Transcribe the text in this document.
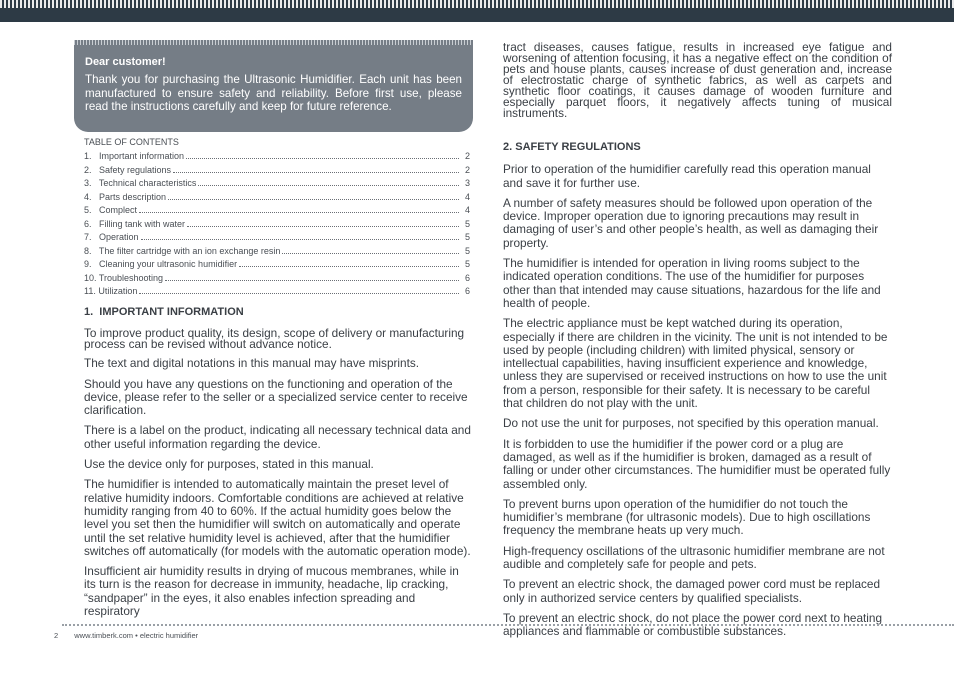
Dear customer!

Thank you for purchasing the Ultrasonic Humidifier. Each unit has been manufactured to ensure safety and reliability. Before first use, please read the instructions carefully and keep for future reference.

TABLE OF CONTENTS
1.   Important information	2
2.   Safety regulations	2
3.   Technical characteristics	3
4.   Parts description	4
5.   Complect	4
6.   Filling tank with water	5
7.   Operation	5
8.   The filter cartridge with an ion exchange resin	5
9.   Cleaning your ultrasonic humidifier	5
10. Troubleshooting	6
11. Utilization	6
1.  IMPORTANT INFORMATION

To improve product quality, its design, scope of delivery or manufacturing process can be revised without advance notice.

The text and digital notations in this manual may have misprints.

Should you have any questions on the functioning and operation of the device, please refer to the seller or a specialized service center to receive clarification.

There is a label on the product, indicating all necessary technical data and other useful information regarding the device.

Use the device only for purposes, stated in this manual.

The humidifier is intended to automatically maintain the preset level of relative humidity indoors. Comfortable conditions are achieved at relative humidity ranging from 40 to 60%. If the actual humidity goes below the level you set then the humidifier will switch on automatically and operate until the set relative humidity level is achieved, after that the humidifier switches off automatically (for models with the automatic operation mode).

Insufficient air humidity results in drying of mucous membranes, while in its turn is the reason for decrease in immunity, headache, lip cracking, “sandpaper” in the eyes, it also enables infection spreading and respiratory

tract diseases, causes fatigue, results in increased eye fatigue and worsening of attention focusing, it has a negative effect on the condition of pets and house plants, causes increase of dust generation and, increase of electrostatic charge of synthetic fabrics, as well as carpets and synthetic floor coatings, it causes damage of wooden furniture and especially parquet floors, it negatively affects tuning of musical instruments.

2. SAFETY REGULATIONS

Prior to operation of the humidifier carefully read this operation manual and save it for further use.

A number of safety measures should be followed upon operation of the device. Improper operation due to ignoring precautions may result in damaging of user’s and other people’s health, as well as damaging their property.

The humidifier is intended for operation in living rooms subject to the indicated operation conditions. The use of the humidifier for purposes other than that intended may cause situations, hazardous for the life and health of people.

The electric appliance must be kept watched during its operation, especially if there are children in the vicinity. The unit is not intended to be used by people (including children) with limited physical, sensory or intellectual capabilities, having insufficient experience and knowledge, unless they are supervised or received instructions on how to use the unit from a person, responsible for their safety. It is necessary to be careful that children do not play with the unit.

Do not use the unit for purposes, not specified by this operation manual.

It is forbidden to use the humidifier if the power cord or a plug are damaged, as well as if the humidifier is broken, damaged as a result of falling or under other circumstances. The humidifier must be operated fully assembled only.

To prevent burns upon operation of the humidifier do not touch the humidifier’s membrane (for ultrasonic models). Due to high oscillations frequency the membrane heats up very much.

High-frequency oscillations of the ultrasonic humidifier membrane are not audible and completely safe for people and pets.

To prevent an electric shock, the damaged power cord must be replaced only in authorized service centers by qualified specialists.

To prevent an electric shock, do not place the power cord next to heating appliances and flammable or combustible substances.

2 www.timberk.com • electric humidifier
